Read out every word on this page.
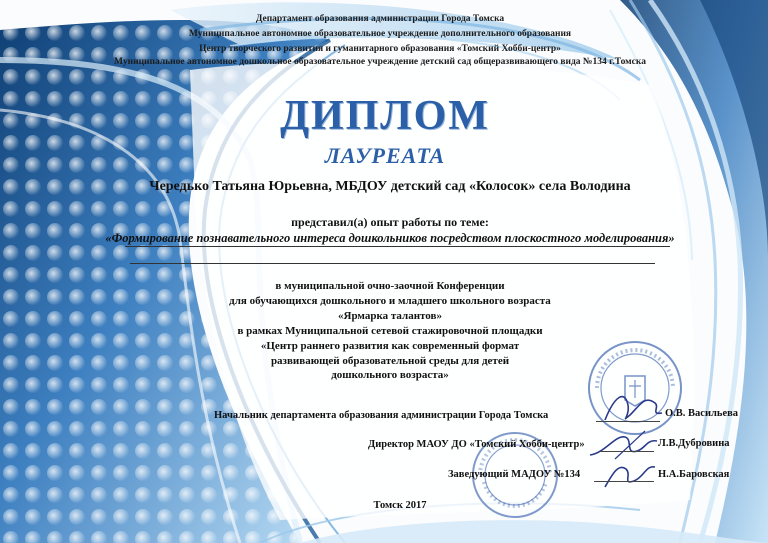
Департамент образования администрации Города Томска
Муниципальное автономное образовательное учреждение дополнительного образования
Центр творческого развития и гуманитарного образования «Томский Хобби-центр»
Муниципальное автономное дошкольное образовательное учреждение детский сад общеразвивающего вида №134 г.Томска
ДИПЛОМ
ЛАУРЕАТА
Чередько Татьяна Юрьевна, МБДОУ детский сад «Колосок» села Володина
представил(а) опыт работы по теме:
«Формирование познавательного интереса дошкольников посредством плоскостного моделирования»
в муниципальной очно-заочной Конференции
для обучающихся дошкольного и младшего школьного возраста
«Ярмарка талантов»
в рамках Муниципальной сетевой стажировочной площадки
«Центр раннего развития как современный формат
развивающей образовательной среды для детей
дошкольного возраста»
Начальник департамента образования администрации Города Томска	О.В. Васильева
Директор МАОУ ДО «Томский Хобби-центр»	Л.В.Дубровина
Заведующий МАДОУ №134	Н.А.Баровская
Томск 2017
